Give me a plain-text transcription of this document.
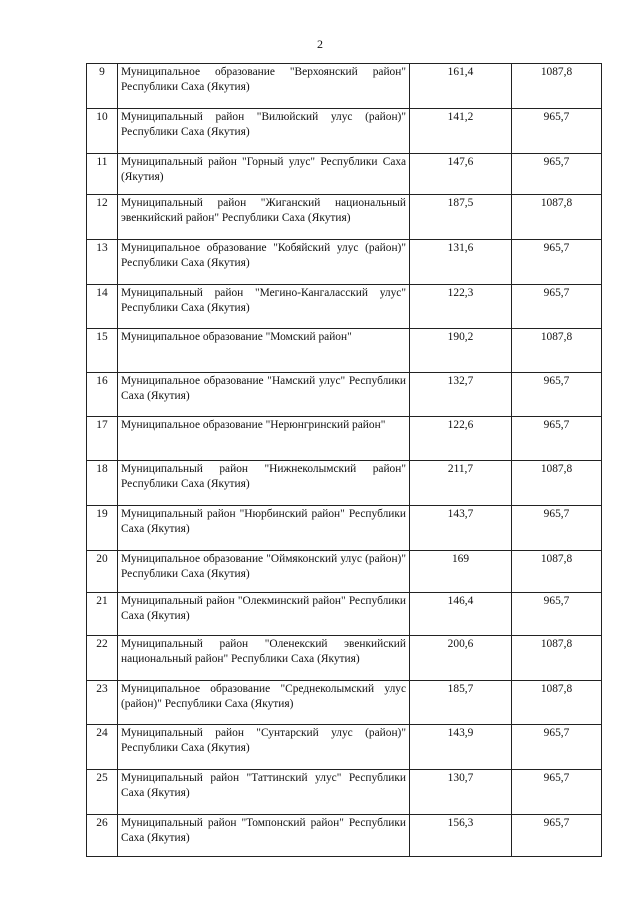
2
9	Муниципальное образование "Верхоянский район" Республики Саха (Якутия)	161,4	1087,8
10	Муниципальный район "Вилюйский улус (район)" Республики Саха (Якутия)	141,2	965,7
11	Муниципальный район "Горный улус" Республики Саха (Якутия)	147,6	965,7
12	Муниципальный район "Жиганский национальный эвенкийский район" Республики Саха (Якутия)	187,5	1087,8
13	Муниципальное образование "Кобяйский улус (район)" Республики Саха (Якутия)	131,6	965,7
14	Муниципальный район "Мегино-Кангаласский улус" Республики Саха (Якутия)	122,3	965,7
15	Муниципальное образование "Момский район"	190,2	1087,8
16	Муниципальное образование "Намский улус" Республики Саха (Якутия)	132,7	965,7
17	Муниципальное образование "Нерюнгринский район"	122,6	965,7
18	Муниципальный район "Нижнеколымский район" Республики Саха (Якутия)	211,7	1087,8
19	Муниципальный район "Нюрбинский район" Республики Саха (Якутия)	143,7	965,7
20	Муниципальное образование "Оймяконский улус (район)" Республики Саха (Якутия)	169	1087,8
21	Муниципальный район "Олекминский район" Республики Саха (Якутия)	146,4	965,7
22	Муниципальный район "Оленекский эвенкийский национальный район" Республики Саха (Якутия)	200,6	1087,8
23	Муниципальное образование "Среднеколымский улус (район)" Республики Саха (Якутия)	185,7	1087,8
24	Муниципальный район "Сунтарский улус (район)" Республики Саха (Якутия)	143,9	965,7
25	Муниципальный район "Таттинский улус" Республики Саха (Якутия)	130,7	965,7
26	Муниципальный район "Томпонский район" Республики Саха (Якутия)	156,3	965,7
